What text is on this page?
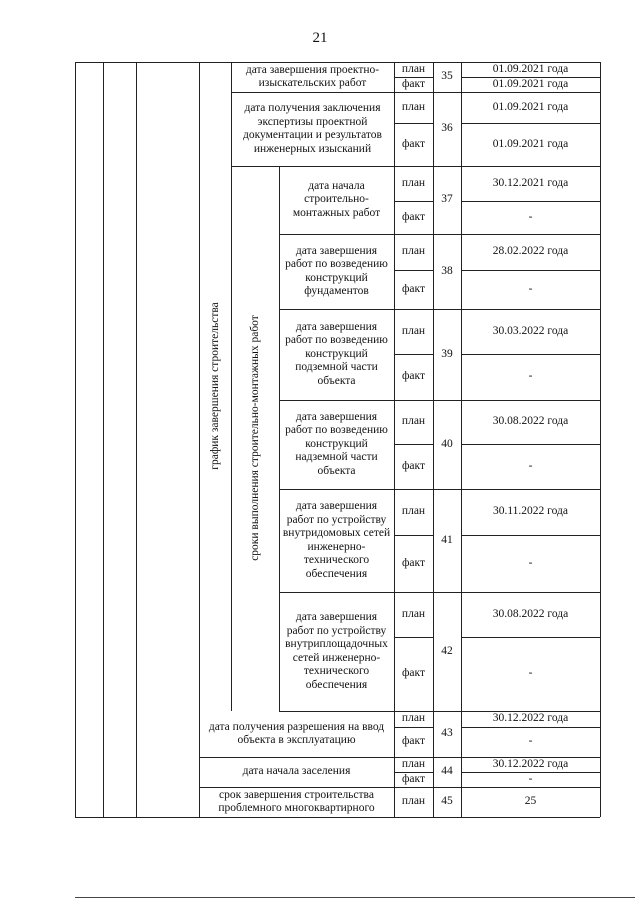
21
дата завершения проектно-изыскательских работ
35
план
факт
01.09.2021 года
01.09.2021 года
дата получения заключения экспертизы проектной документации и результатов инженерных изысканий
36
план
факт
01.09.2021 года
01.09.2021 года
дата начала строительно-монтажных работ
37
план
факт
30.12.2021 года
-
дата завершения работ по возведению конструкций фундаментов
38
план
факт
28.02.2022 года
-
дата завершения работ по возведению конструкций подземной части объекта
39
план
факт
30.03.2022 года
-
дата завершения работ по возведению конструкций надземной части объекта
40
план
факт
30.08.2022 года
-
дата завершения работ по устройству внутридомовых сетей инженерно-технического обеспечения
41
план
факт
30.11.2022 года
-
дата завершения работ по устройству внутриплощадочных сетей инженерно-технического обеспечения
42
план
факт
30.08.2022 года
-
дата получения разрешения на ввод объекта в эксплуатацию
43
план
факт
30.12.2022 года
-
дата начала заселения	44
план
факт
30.12.2022 года
-
срок завершения строительства проблемного многоквартирного
45
план	25
график завершения строительства сроки выполнения строительно-монтажных работ
